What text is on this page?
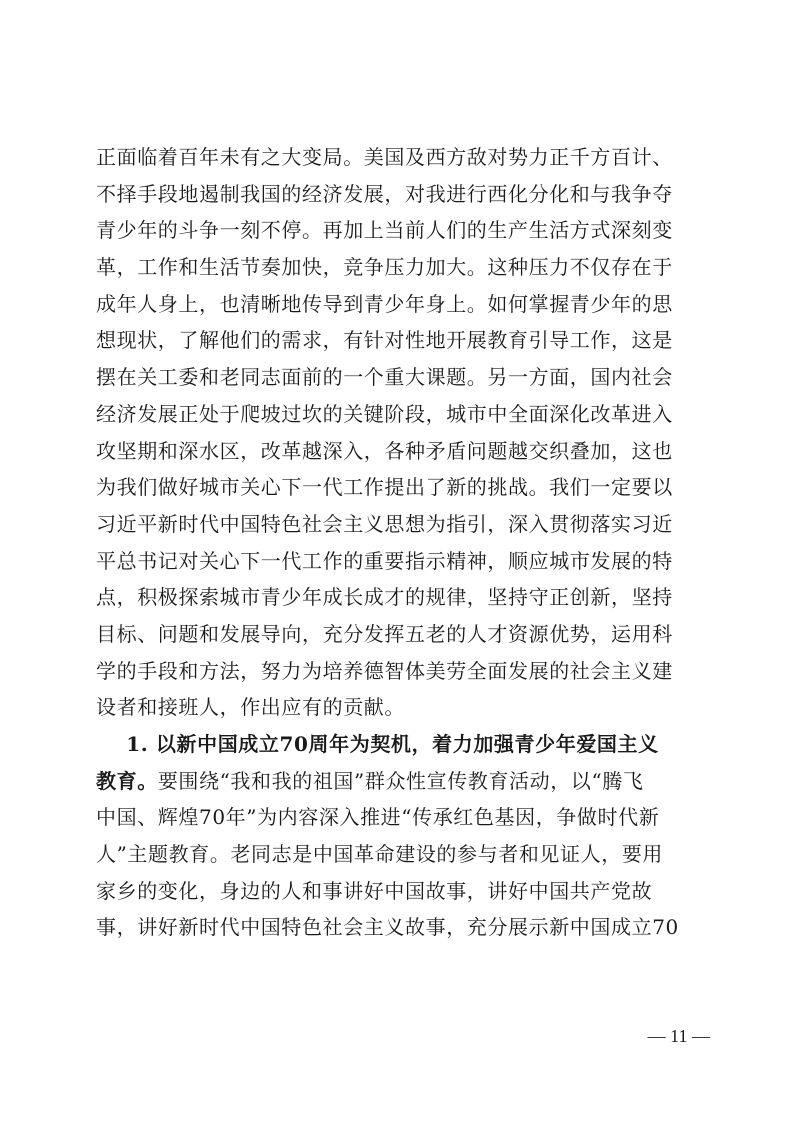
正面临着百年未有之大变局。美国及西方敌对势力正千方百计、
不择手段地遏制我国的经济发展，对我进行西化分化和与我争夺
青少年的斗争一刻不停。再加上当前人们的生产生活方式深刻变
革，工作和生活节奏加快，竞争压力加大。这种压力不仅存在于
成年人身上，也清晰地传导到青少年身上。如何掌握青少年的思
想现状，了解他们的需求，有针对性地开展教育引导工作，这是
摆在关工委和老同志面前的一个重大课题。另一方面，国内社会
经济发展正处于爬坡过坎的关键阶段，城市中全面深化改革进入
攻坚期和深水区，改革越深入，各种矛盾问题越交织叠加，这也
为我们做好城市关心下一代工作提出了新的挑战。我们一定要以
习近平新时代中国特色社会主义思想为指引，深入贯彻落实习近
平总书记对关心下一代工作的重要指示精神，顺应城市发展的特
点，积极探索城市青少年成长成才的规律，坚持守正创新，坚持
目标、问题和发展导向，充分发挥五老的人才资源优势，运用科
学的手段和方法，努力为培养德智体美劳全面发展的社会主义建
设者和接班人，作出应有的贡献。
1. 以新中国成立70周年为契机，着力加强青少年爱国主义
教育。要围绕“我和我的祖国”群众性宣传教育活动，以“腾飞
中国、辉煌70年”为内容深入推进“传承红色基因，争做时代新
人”主题教育。老同志是中国革命建设的参与者和见证人，要用
家乡的变化，身边的人和事讲好中国故事，讲好中国共产党故
事，讲好新时代中国特色社会主义故事，充分展示新中国成立70
— 11 —
